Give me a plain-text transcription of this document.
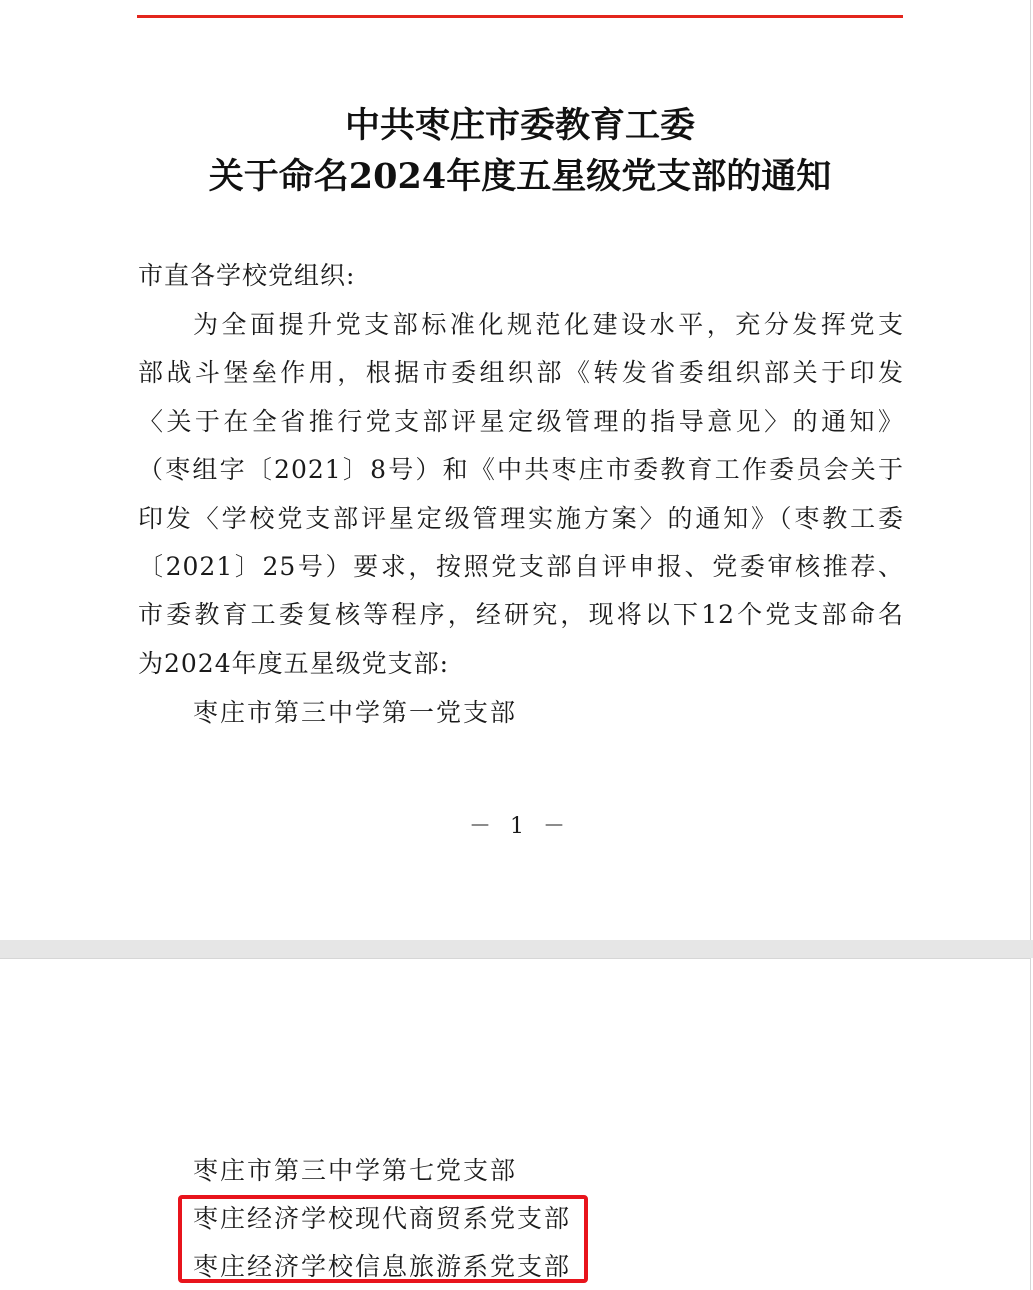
中共枣庄市委教育工委
关于命名2024年度五星级党支部的通知
市直各学校党组织:
为全面提升党支部标准化规范化建设水平，充分发挥党支
部战斗堡垒作用，根据市委组织部《转发省委组织部关于印发
〈关于在全省推行党支部评星定级管理的指导意见〉的通知》
（枣组字〔2021〕8号）和《中共枣庄市委教育工作委员会关于
印发〈学校党支部评星定级管理实施方案〉的通知》（枣教工委
〔2021〕25号）要求，按照党支部自评申报、党委审核推荐、
市委教育工委复核等程序，经研究，现将以下12个党支部命名
为2024年度五星级党支部:
枣庄市第三中学第一党支部
－ 1 －
枣庄市第三中学第七党支部
枣庄经济学校现代商贸系党支部
枣庄经济学校信息旅游系党支部
